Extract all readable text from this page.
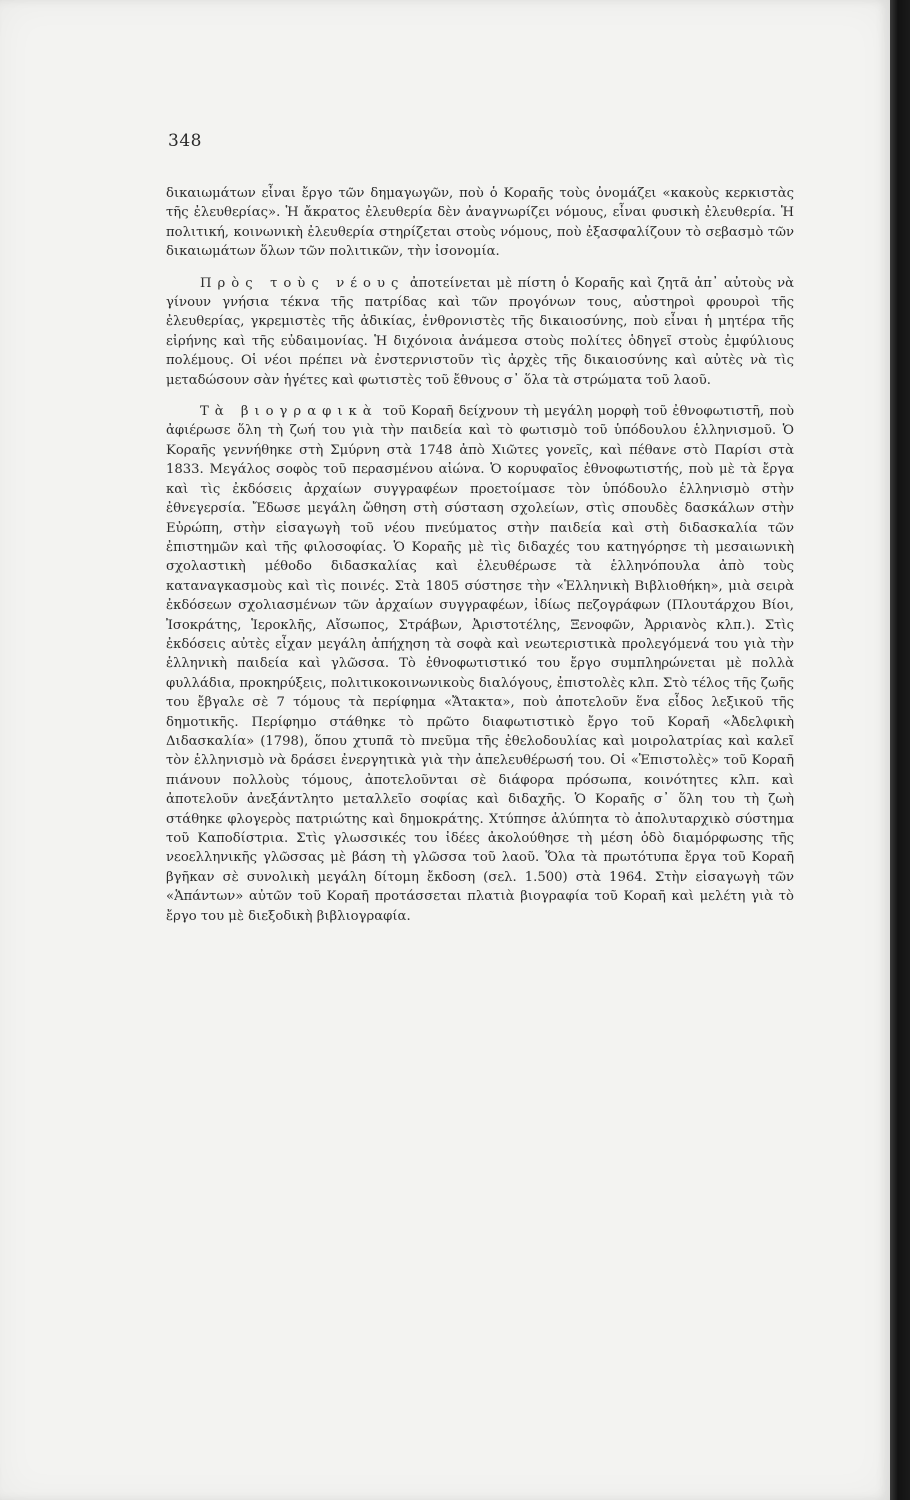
348

δικαιωμάτων εἶναι ἔργο τῶν δημαγωγῶν, ποὺ ὁ Κοραῆς τοὺς ὀνομάζει «κακοὺς κερκιστὰς τῆς ἐλευθερίας». Ἡ ἄκρατος ἐλευθερία δὲν ἀναγνωρίζει νόμους, εἶναι φυσικὴ ἐλευθερία. Ἡ πολιτική, κοινωνικὴ ἐλευθερία στηρίζεται στοὺς νόμους, ποὺ ἐξασφαλίζουν τὸ σεβασμὸ τῶν δικαιωμάτων ὅλων τῶν πολιτικῶν, τὴν ἰσονομία.

Πρὸς τοὺς νέους ἀποτείνεται μὲ πίστη ὁ Κοραῆς καὶ ζητᾶ ἀπ᾿ αὐτοὺς νὰ γίνουν γνήσια τέκνα τῆς πατρίδας καὶ τῶν προγόνων τους, αὐστηροὶ φρουροὶ τῆς ἐλευθερίας, γκρεμιστὲς τῆς ἀδικίας, ἐνθρονιστὲς τῆς δικαιοσύνης, ποὺ εἶναι ἡ μητέρα τῆς εἰρήνης καὶ τῆς εὐδαιμονίας. Ἡ διχόνοια ἀνάμεσα στοὺς πολίτες ὁδηγεῖ στοὺς ἐμφύλιους πολέμους. Οἱ νέοι πρέπει νὰ ἐνστερνιστοῦν τὶς ἀρχὲς τῆς δικαιοσύνης καὶ αὐτὲς νὰ τὶς μεταδώσουν σὰν ἡγέτες καὶ φωτιστὲς τοῦ ἔθνους σ᾿ ὅλα τὰ στρώματα τοῦ λαοῦ.

Τὰ βιογραφικὰ τοῦ Κοραῆ δείχνουν τὴ μεγάλη μορφὴ τοῦ ἐθνοφωτιστῆ, ποὺ ἀφιέρωσε ὅλη τὴ ζωή του γιὰ τὴν παιδεία καὶ τὸ φωτισμὸ τοῦ ὑπόδουλου ἑλληνισμοῦ. Ὁ Κοραῆς γεννήθηκε στὴ Σμύρνη στὰ 1748 ἀπὸ Χιῶτες γονεῖς, καὶ πέθανε στὸ Παρίσι στὰ 1833. Μεγάλος σοφὸς τοῦ περασμένου αἰώνα. Ὁ κορυφαῖος ἐθνοφωτιστής, ποὺ μὲ τὰ ἔργα καὶ τὶς ἐκδόσεις ἀρχαίων συγγραφέων προετοίμασε τὸν ὑπόδουλο ἑλληνισμὸ στὴν ἐθνεγερσία. Ἔδωσε μεγάλη ὤθηση στὴ σύσταση σχολείων, στὶς σπουδὲς δασκάλων στὴν Εὐρώπη, στὴν εἰσαγωγὴ τοῦ νέου πνεύματος στὴν παιδεία καὶ στὴ διδασκαλία τῶν ἐπιστημῶν καὶ τῆς φιλοσοφίας. Ὁ Κοραῆς μὲ τὶς διδαχές του κατηγόρησε τὴ μεσαιωνικὴ σχολαστικὴ μέθοδο διδασκαλίας καὶ ἐλευθέρωσε τὰ ἑλληνόπουλα ἀπὸ τοὺς καταναγκασμοὺς καὶ τὶς ποινές. Στὰ 1805 σύστησε τὴν «Ἑλληνικὴ Βιβλιοθήκη», μιὰ σειρὰ ἐκδόσεων σχολιασμένων τῶν ἀρχαίων συγγραφέων, ἰδίως πεζογράφων (Πλουτάρχου Βίοι, Ἰσοκράτης, Ἱεροκλῆς, Αἴσωπος, Στράβων, Ἀριστοτέλης, Ξενοφῶν, Ἀρριανὸς κλπ.). Στὶς ἐκδόσεις αὐτὲς εἶχαν μεγάλη ἀπήχηση τὰ σοφὰ καὶ νεωτεριστικὰ προλεγόμενά του γιὰ τὴν ἑλληνικὴ παιδεία καὶ γλῶσσα. Τὸ ἐθνοφωτιστικό του ἔργο συμπληρώνεται μὲ πολλὰ φυλλάδια, προκηρύξεις, πολιτικοκοινωνικοὺς διαλόγους, ἐπιστολὲς κλπ. Στὸ τέλος τῆς ζωῆς του ἔβγαλε σὲ 7 τόμους τὰ περίφημα «Ἄτακτα», ποὺ ἀποτελοῦν ἕνα εἶδος λεξικοῦ τῆς δημοτικῆς. Περίφημο στάθηκε τὸ πρῶτο διαφωτιστικὸ ἔργο τοῦ Κοραῆ «Ἀδελφικὴ Διδασκαλία» (1798), ὅπου χτυπᾶ τὸ πνεῦμα τῆς ἐθελοδουλίας καὶ μοιρολατρίας καὶ καλεῖ τὸν ἑλληνισμὸ νὰ δράσει ἐνεργητικὰ γιὰ τὴν ἀπελευθέρωσή του. Οἱ «Ἐπιστολὲς» τοῦ Κοραῆ πιάνουν πολλοὺς τόμους, ἀποτελοῦνται σὲ διάφορα πρόσωπα, κοινότητες κλπ. καὶ ἀποτελοῦν ἀνεξάντλητο μεταλλεῖο σοφίας καὶ διδαχῆς. Ὁ Κοραῆς σ᾿ ὅλη του τὴ ζωὴ στάθηκε φλογερὸς πατριώτης καὶ δημοκράτης. Χτύπησε ἀλύπητα τὸ ἀπολυταρχικὸ σύστημα τοῦ Καποδίστρια. Στὶς γλωσσικές του ἰδέες ἀκολούθησε τὴ μέση ὁδὸ διαμόρφωσης τῆς νεοελληνικῆς γλῶσσας μὲ βάση τὴ γλῶσσα τοῦ λαοῦ. Ὅλα τὰ πρωτότυπα ἔργα τοῦ Κοραῆ βγῆκαν σὲ συνολικὴ μεγάλη δίτομη ἔκδοση (σελ. 1.500) στὰ 1964. Στὴν εἰσαγωγὴ τῶν «Ἁπάντων» αὐτῶν τοῦ Κοραῆ προτάσσεται πλατιὰ βιογραφία τοῦ Κοραῆ καὶ μελέτη γιὰ τὸ ἔργο του μὲ διεξοδικὴ βιβλιογραφία.
